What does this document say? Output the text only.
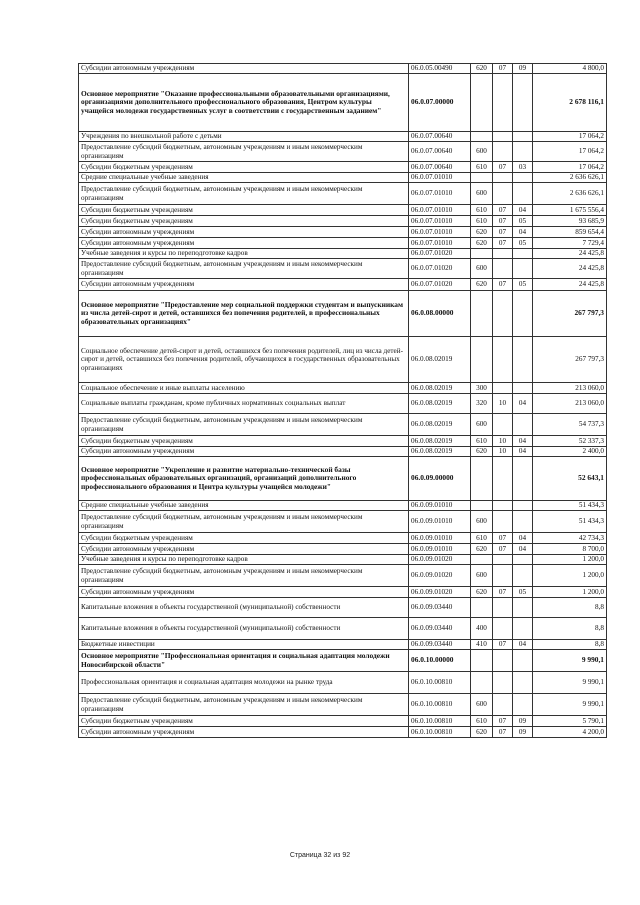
Субсидии автономным учреждениям	06.0.05.00490	620	07	09	4 800,0
Основное мероприятие "Оказание профессиональными образовательными организациями, организациями дополнительного профессионального образования, Центром культуры учащейся молодежи государственных услуг в соответствии с государственным заданием"	06.0.07.00000				2 678 116,1
Учреждения по внешкольной работе с детьми	06.0.07.00640				17 064,2
Предоставление субсидий бюджетным, автономным учреждениям и иным некоммерческим организациям	06.0.07.00640	600			17 064,2
Субсидии бюджетным учреждениям	06.0.07.00640	610	07	03	17 064,2
Средние специальные учебные заведения	06.0.07.01010				2 636 626,1
Предоставление субсидий бюджетным, автономным учреждениям и иным некоммерческим организациям	06.0.07.01010	600			2 636 626,1
Субсидии бюджетным учреждениям	06.0.07.01010	610	07	04	1 675 556,4
Субсидии бюджетным учреждениям	06.0.07.01010	610	07	05	93 685,9
Субсидии автономным учреждениям	06.0.07.01010	620	07	04	859 654,4
Субсидии автономным учреждениям	06.0.07.01010	620	07	05	7 729,4
Учебные заведения и курсы по переподготовке кадров	06.0.07.01020				24 425,8
Предоставление субсидий бюджетным, автономным учреждениям и иным некоммерческим организациям	06.0.07.01020	600			24 425,8
Субсидии автономным учреждениям	06.0.07.01020	620	07	05	24 425,8
Основное мероприятие "Предоставление мер социальной поддержки студентам и выпускникам из числа детей-сирот и детей, оставшихся без попечения родителей, в профессиональных образовательных организациях"	06.0.08.00000				267 797,3
Социальное обеспечение детей-сирот и детей, оставшихся без попечения родителей, лиц из числа детей-сирот и детей, оставшихся без попечения родителей, обучающихся в государственных образовательных организациях	06.0.08.02019				267 797,3
Социальное обеспечение и иные выплаты населению	06.0.08.02019	300			213 060,0
Социальные выплаты гражданам, кроме публичных нормативных социальных выплат	06.0.08.02019	320	10	04	213 060,0
Предоставление субсидий бюджетным, автономным учреждениям и иным некоммерческим организациям	06.0.08.02019	600			54 737,3
Субсидии бюджетным учреждениям	06.0.08.02019	610	10	04	52 337,3
Субсидии автономным учреждениям	06.0.08.02019	620	10	04	2 400,0
Основное мероприятие "Укрепление и развитие материально-технической базы профессиональных образовательных организаций, организаций дополнительного профессионального образования и Центра культуры учащейся молодежи"	06.0.09.00000				52 643,1
Средние специальные учебные заведения	06.0.09.01010				51 434,3
Предоставление субсидий бюджетным, автономным учреждениям и иным некоммерческим организациям	06.0.09.01010	600			51 434,3
Субсидии бюджетным учреждениям	06.0.09.01010	610	07	04	42 734,3
Субсидии автономным учреждениям	06.0.09.01010	620	07	04	8 700,0
Учебные заведения и курсы по переподготовке кадров	06.0.09.01020				1 200,0
Предоставление субсидий бюджетным, автономным учреждениям и иным некоммерческим организациям	06.0.09.01020	600			1 200,0
Субсидии автономным учреждениям	06.0.09.01020	620	07	05	1 200,0
Капитальные вложения в объекты государственной (муниципальной) собственности	06.0.09.03440				8,8
Капитальные вложения в объекты государственной (муниципальной) собственности	06.0.09.03440	400			8,8
Бюджетные инвестиции	06.0.09.03440	410	07	04	8,8
Основное мероприятие "Профессиональная ориентация и социальная адаптация молодежи Новосибирской области"	06.0.10.00000				9 990,1
Профессиональная ориентация и социальная адаптация молодежи на рынке труда	06.0.10.00810				9 990,1
Предоставление субсидий бюджетным, автономным учреждениям и иным некоммерческим организациям	06.0.10.00810	600			9 990,1
Субсидии бюджетным учреждениям	06.0.10.00810	610	07	09	5 790,1
Субсидии автономным учреждениям	06.0.10.00810	620	07	09	4 200,0
Страница 32 из 92
